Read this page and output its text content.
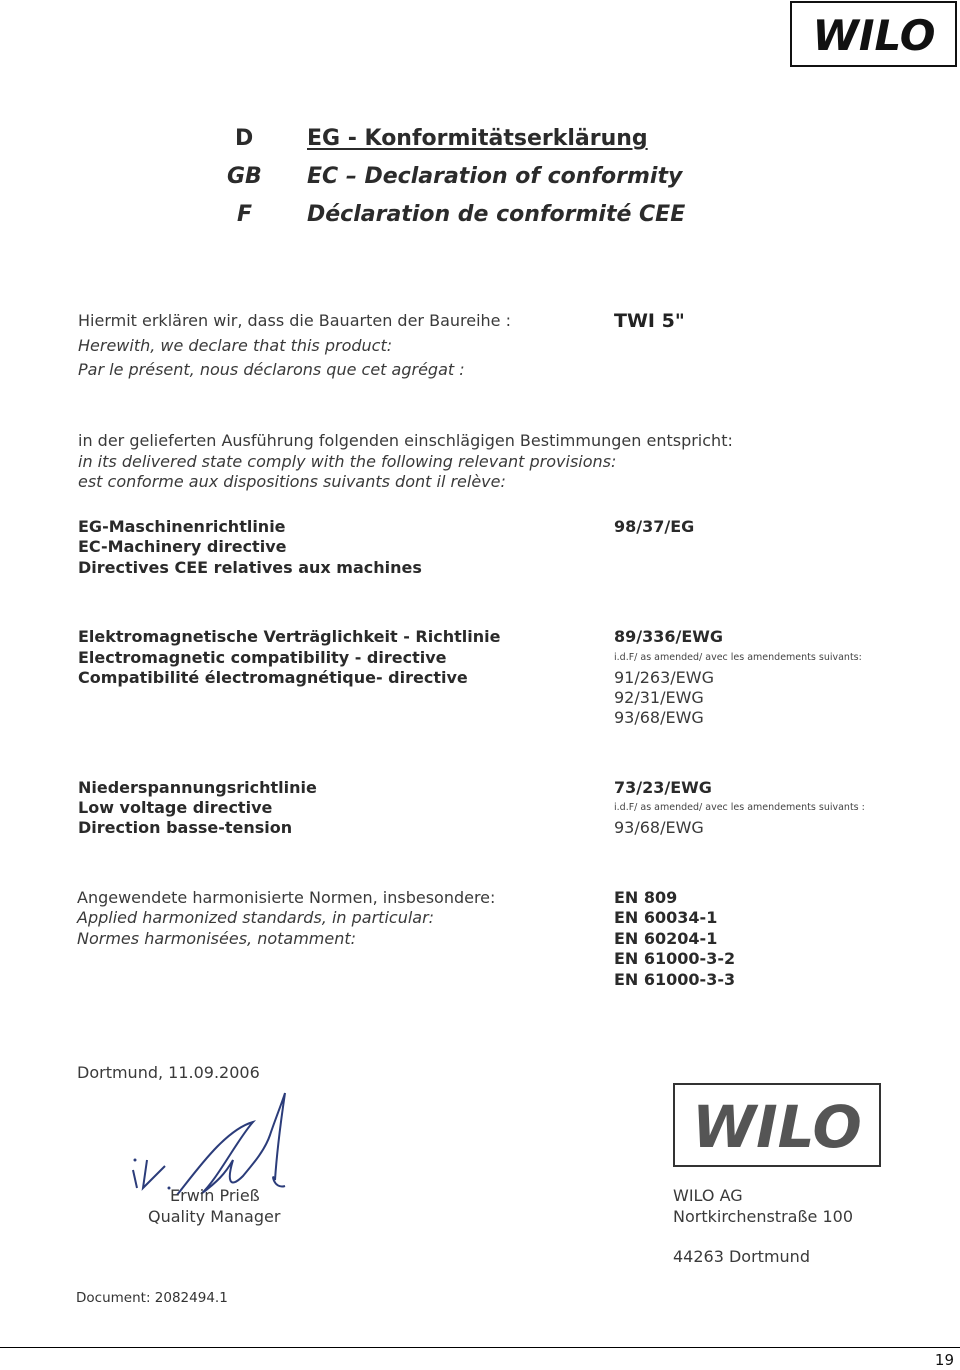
WILO
D EG - Konformitätserklärung
GB EC – Declaration of conformity
F Déclaration de conformité CEE
Hiermit erklären wir, dass die Bauarten der Baureihe :
Herewith, we declare that this product:
Par le présent, nous déclarons que cet agrégat :
TWI 5"
in der gelieferten Ausführung folgenden einschlägigen Bestimmungen entspricht:
in its delivered state comply with the following relevant provisions:
est conforme aux dispositions suivants dont il relève:
EG-Maschinenrichtlinie
EC-Machinery directive
Directives CEE relatives aux machines
98/37/EG
Elektromagnetische Verträglichkeit - Richtlinie
Electromagnetic compatibility - directive
Compatibilité électromagnétique- directive
89/336/EWG
i.d.F/ as amended/ avec les amendements suivants:
91/263/EWG
92/31/EWG
93/68/EWG
Niederspannungsrichtlinie
Low voltage directive
Direction basse-tension
73/23/EWG
i.d.F/ as amended/ avec les amendements suivants :
93/68/EWG
Angewendete harmonisierte Normen, insbesondere:
Applied harmonized standards, in particular:
Normes harmonisées, notamment:
EN 809
EN 60034-1
EN 60204-1
EN 61000-3-2
EN 61000-3-3
Dortmund, 11.09.2006
Erwin Prieß
Quality Manager
WILO
WILO AG
Nortkirchenstraße 100
44263 Dortmund
Document: 2082494.1
19
